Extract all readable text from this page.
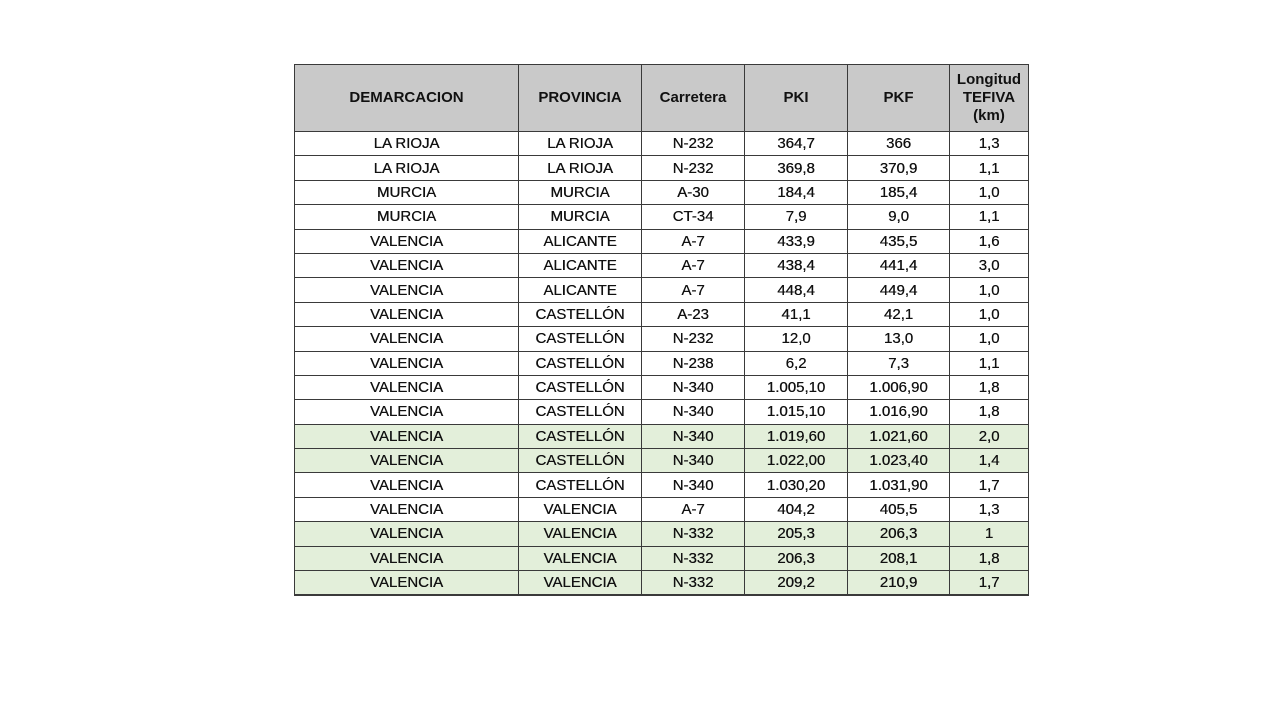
DEMARCACION	PROVINCIA	Carretera	PKI	PKF	Longitud TEFIVA (km)
LA RIOJA	LA RIOJA	N-232	364,7	366	1,3
LA RIOJA	LA RIOJA	N-232	369,8	370,9	1,1
MURCIA	MURCIA	A-30	184,4	185,4	1,0
MURCIA	MURCIA	CT-34	7,9	9,0	1,1
VALENCIA	ALICANTE	A-7	433,9	435,5	1,6
VALENCIA	ALICANTE	A-7	438,4	441,4	3,0
VALENCIA	ALICANTE	A-7	448,4	449,4	1,0
VALENCIA	CASTELLÓN	A-23	41,1	42,1	1,0
VALENCIA	CASTELLÓN	N-232	12,0	13,0	1,0
VALENCIA	CASTELLÓN	N-238	6,2	7,3	1,1
VALENCIA	CASTELLÓN	N-340	1.005,10	1.006,90	1,8
VALENCIA	CASTELLÓN	N-340	1.015,10	1.016,90	1,8
VALENCIA	CASTELLÓN	N-340	1.019,60	1.021,60	2,0
VALENCIA	CASTELLÓN	N-340	1.022,00	1.023,40	1,4
VALENCIA	CASTELLÓN	N-340	1.030,20	1.031,90	1,7
VALENCIA	VALENCIA	A-7	404,2	405,5	1,3
VALENCIA	VALENCIA	N-332	205,3	206,3	1
VALENCIA	VALENCIA	N-332	206,3	208,1	1,8
VALENCIA	VALENCIA	N-332	209,2	210,9	1,7
